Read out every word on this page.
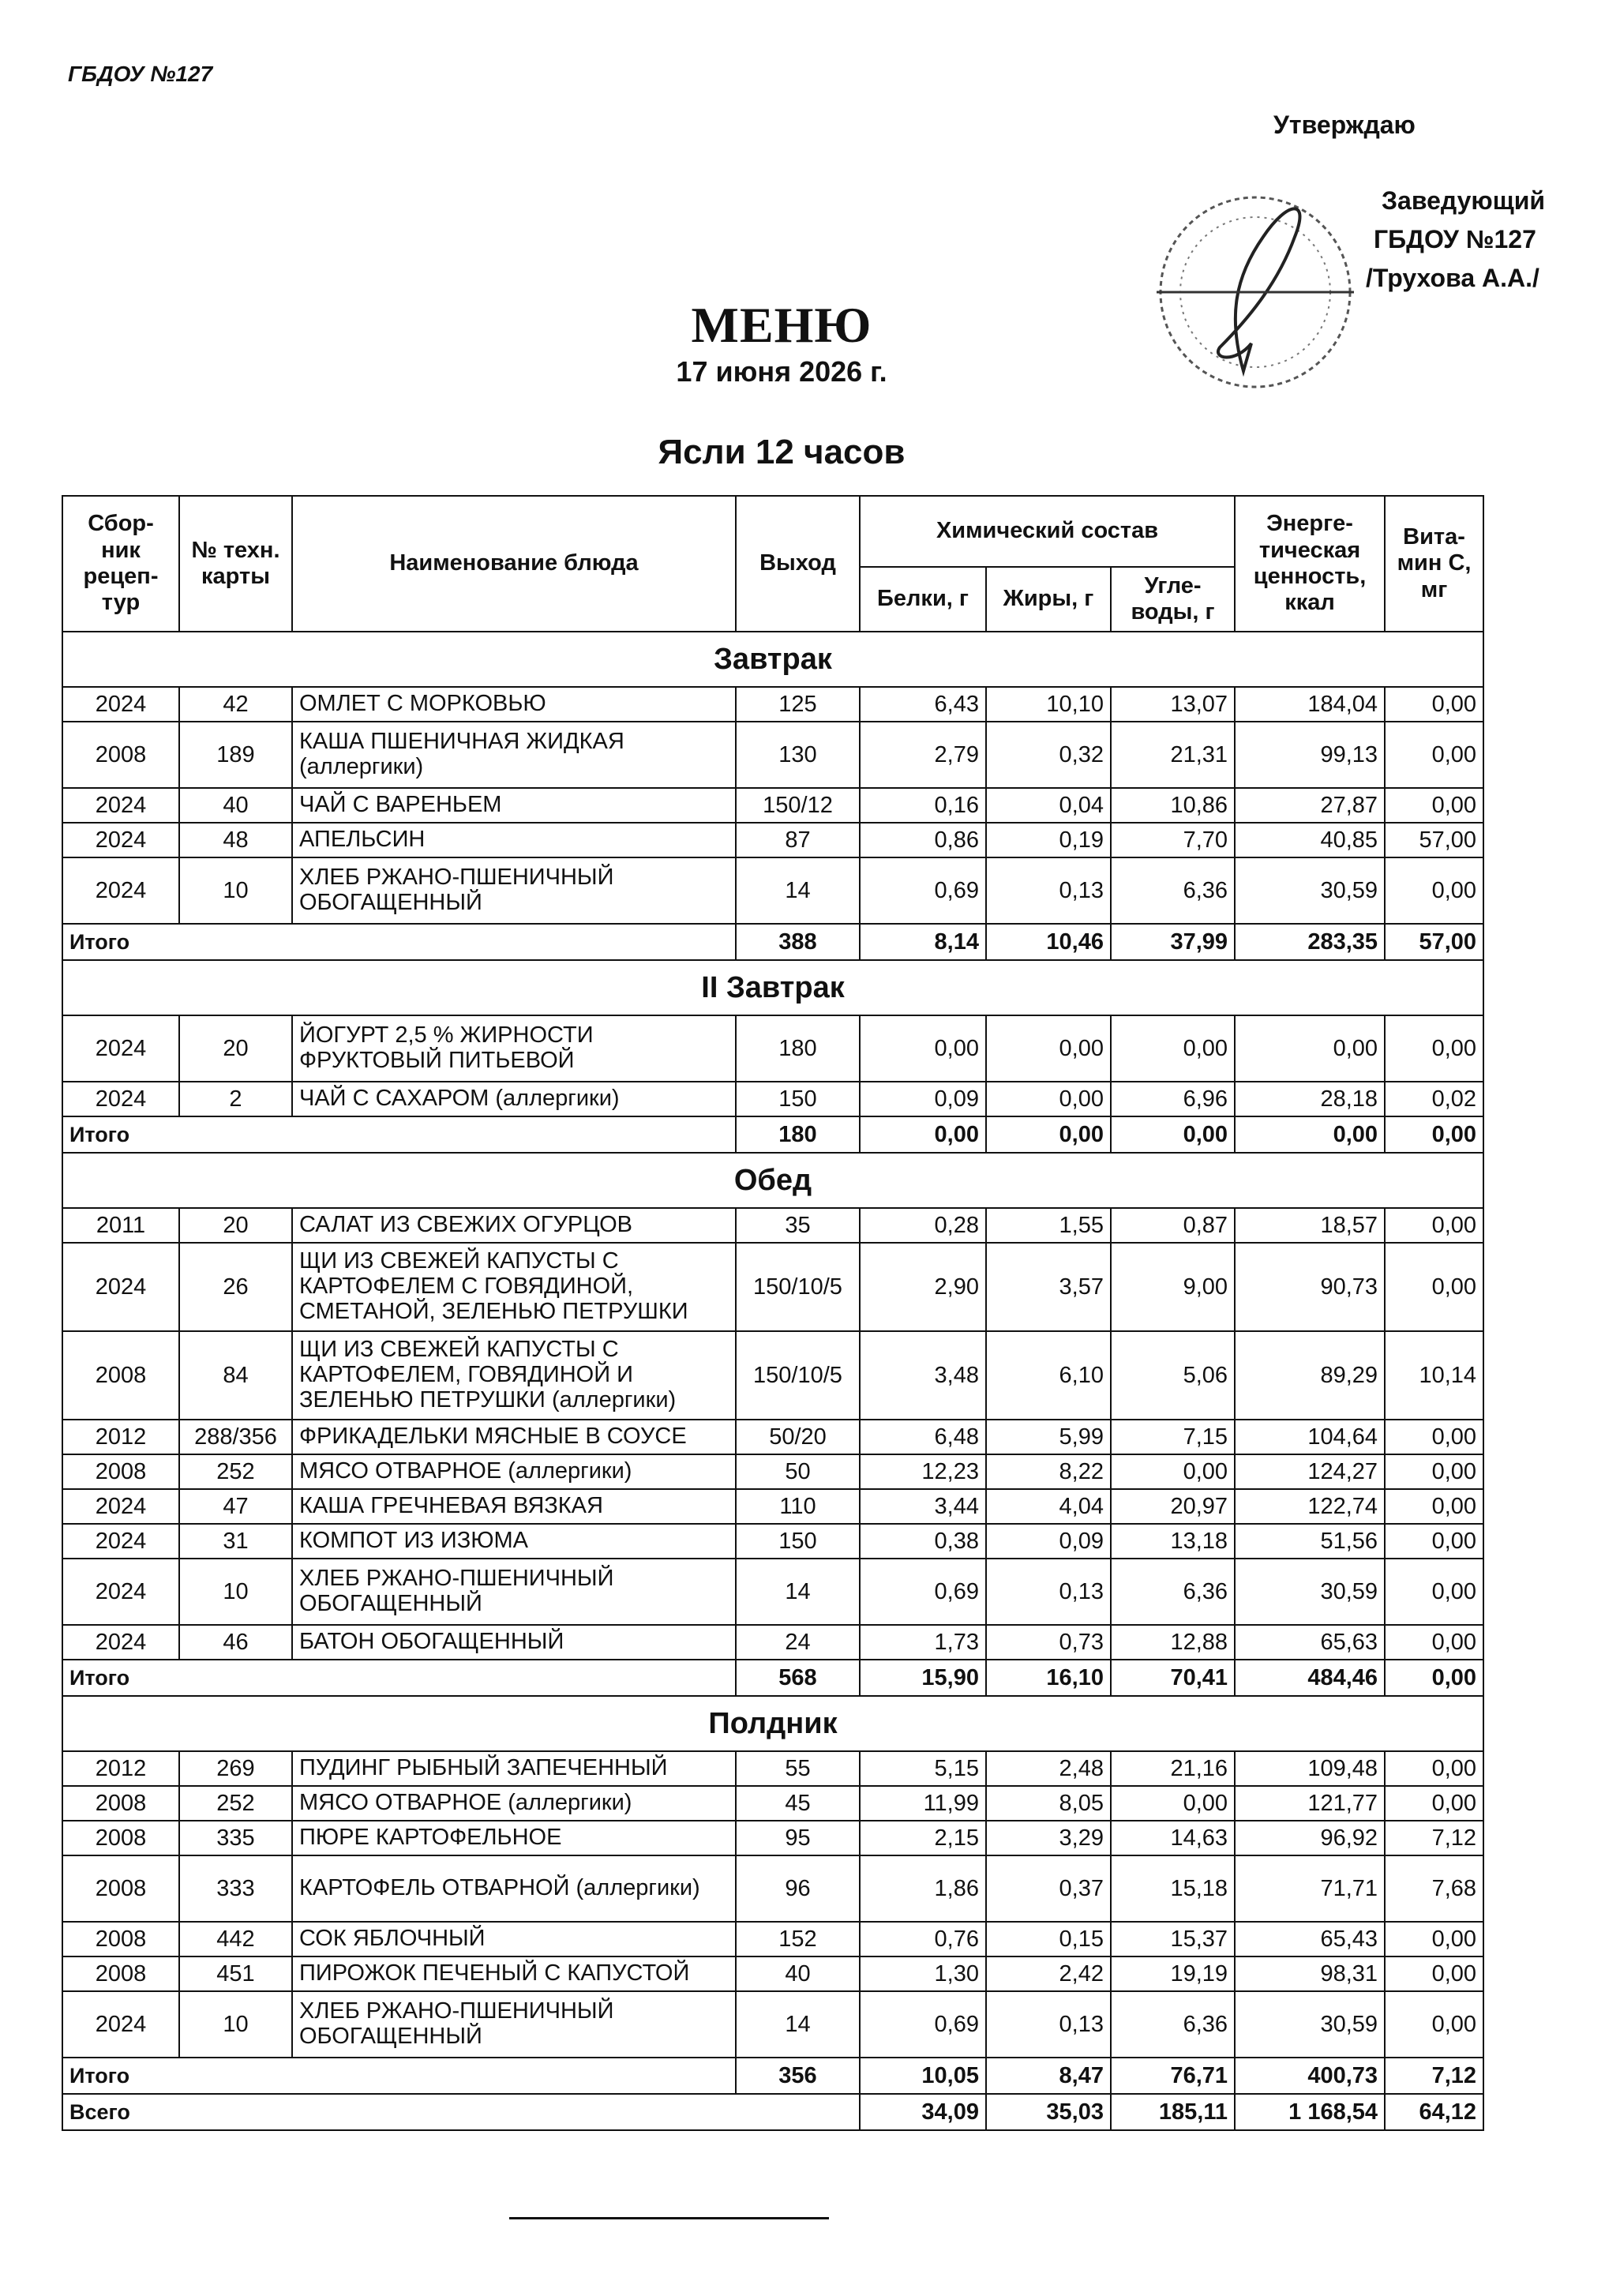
ГБДОУ №127
Утверждаю
Заведующий
ГБДОУ №127
/Трухова А.А./
МЕНЮ
17 июня 2026 г.
Ясли 12 часов
Сбор-ник рецеп-тур	№ техн. карты	Наименование блюда	Выход	Химический состав			Энерге-тическая ценность, ккал	Вита-мин С, мг
				Белки, г	Жиры, г	Угле-воды, г		
Завтрак								
2024	42	ОМЛЕТ С МОРКОВЬЮ	125	6,43	10,10	13,07	184,04	0,00
2008	189	КАША ПШЕНИЧНАЯ ЖИДКАЯ (аллергики)	130	2,79	0,32	21,31	99,13	0,00
2024	40	ЧАЙ С ВАРЕНЬЕМ	150/12	0,16	0,04	10,86	27,87	0,00
2024	48	АПЕЛЬСИН	87	0,86	0,19	7,70	40,85	57,00
2024	10	ХЛЕБ РЖАНО-ПШЕНИЧНЫЙ ОБОГАЩЕННЫЙ	14	0,69	0,13	6,36	30,59	0,00
Итого			388	8,14	10,46	37,99	283,35	57,00
II Завтрак								
2024	20	ЙОГУРТ 2,5 % ЖИРНОСТИ ФРУКТОВЫЙ ПИТЬЕВОЙ	180	0,00	0,00	0,00	0,00	0,00
2024	2	ЧАЙ С САХАРОМ (аллергики)	150	0,09	0,00	6,96	28,18	0,02
Итого			180	0,00	0,00	0,00	0,00	0,00
Обед								
2011	20	САЛАТ ИЗ СВЕЖИХ ОГУРЦОВ	35	0,28	1,55	0,87	18,57	0,00
2024	26	ЩИ ИЗ СВЕЖЕЙ КАПУСТЫ С КАРТОФЕЛЕМ С ГОВЯДИНОЙ, СМЕТАНОЙ, ЗЕЛЕНЬЮ ПЕТРУШКИ	150/10/5	2,90	3,57	9,00	90,73	0,00
2008	84	ЩИ ИЗ СВЕЖЕЙ КАПУСТЫ С КАРТОФЕЛЕМ, ГОВЯДИНОЙ И ЗЕЛЕНЬЮ ПЕТРУШКИ (аллергики)	150/10/5	3,48	6,10	5,06	89,29	10,14
2012	288/356	ФРИКАДЕЛЬКИ МЯСНЫЕ В СОУСЕ	50/20	6,48	5,99	7,15	104,64	0,00
2008	252	МЯСО ОТВАРНОЕ (аллергики)	50	12,23	8,22	0,00	124,27	0,00
2024	47	КАША ГРЕЧНЕВАЯ ВЯЗКАЯ	110	3,44	4,04	20,97	122,74	0,00
2024	31	КОМПОТ ИЗ ИЗЮМА	150	0,38	0,09	13,18	51,56	0,00
2024	10	ХЛЕБ РЖАНО-ПШЕНИЧНЫЙ ОБОГАЩЕННЫЙ	14	0,69	0,13	6,36	30,59	0,00
2024	46	БАТОН ОБОГАЩЕННЫЙ	24	1,73	0,73	12,88	65,63	0,00
Итого			568	15,90	16,10	70,41	484,46	0,00
Полдник								
2012	269	ПУДИНГ РЫБНЫЙ ЗАПЕЧЕННЫЙ	55	5,15	2,48	21,16	109,48	0,00
2008	252	МЯСО ОТВАРНОЕ (аллергики)	45	11,99	8,05	0,00	121,77	0,00
2008	335	ПЮРЕ КАРТОФЕЛЬНОЕ	95	2,15	3,29	14,63	96,92	7,12
2008	333	КАРТОФЕЛЬ ОТВАРНОЙ (аллергики)	96	1,86	0,37	15,18	71,71	7,68
2008	442	СОК ЯБЛОЧНЫЙ	152	0,76	0,15	15,37	65,43	0,00
2008	451	ПИРОЖОК ПЕЧЕНЫЙ С КАПУСТОЙ	40	1,30	2,42	19,19	98,31	0,00
2024	10	ХЛЕБ РЖАНО-ПШЕНИЧНЫЙ ОБОГАЩЕННЫЙ	14	0,69	0,13	6,36	30,59	0,00
Итого			356	10,05	8,47	76,71	400,73	7,12
Всего				34,09	35,03	185,11	1 168,54	64,12
